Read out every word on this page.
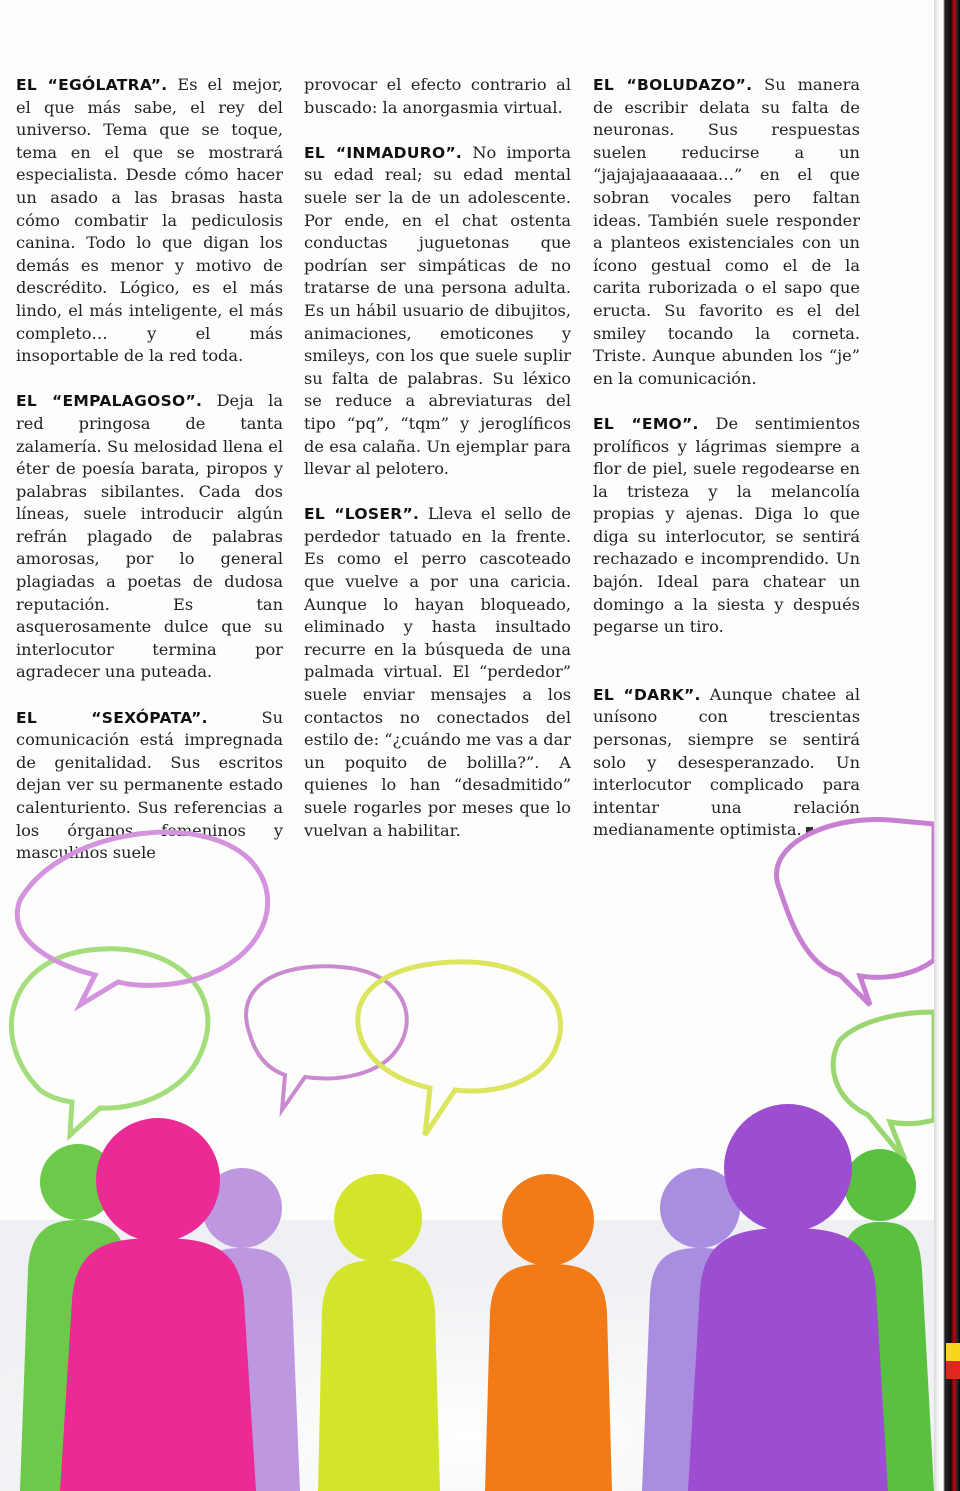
EL “EGÓLATRA”. Es el mejor, el que más sabe, el rey del universo. Tema que se toque, tema en el que se mostrará especialista. Desde cómo hacer un asado a las brasas hasta cómo combatir la pediculosis canina. Todo lo que digan los demás es menor y motivo de descrédito. Lógico, es el más lindo, el más inteligente, el más completo… y el más insoportable de la red toda.

EL “EMPALAGOSO”. Deja la red pringosa de tanta zalamería. Su melosidad llena el éter de poesía barata, piropos y palabras sibilantes. Cada dos líneas, suele introducir algún refrán plagado de palabras amorosas, por lo general plagiadas a poetas de dudosa reputación. Es tan asquerosamente dulce que su interlocutor termina por agradecer una puteada.

EL “SEXÓPATA”.	Su comunicación está impregnada de genitalidad. Sus escritos dejan ver su permanente estado calenturiento. Sus referencias a los órganos femeninos y masculinos suele

provocar el efecto contrario al buscado: la anorgasmia virtual.

EL “INMADURO”. No importa su edad real; su edad mental suele ser la de un adolescente. Por ende, en el chat ostenta conductas juguetonas que podrían ser simpáticas de no tratarse de una persona adulta. Es un hábil usuario de dibujitos, animaciones, emoticones y smileys, con los que suele suplir su falta de palabras. Su léxico se reduce a abreviaturas del tipo “pq”, “tqm” y jeroglíficos de esa calaña. Un ejemplar para llevar al pelotero.

EL “LOSER”. Lleva el sello de perdedor tatuado en la frente. Es como el perro cascoteado que vuelve a por una caricia. Aunque lo hayan bloqueado, eliminado y hasta insultado recurre en la búsqueda de una palmada virtual. El “perdedor” suele enviar mensajes a los contactos no conectados del estilo de: “¿cuándo me vas a dar un poquito de bolilla?”. A quienes lo han “desadmitido” suele rogarles por meses que lo vuelvan a habilitar.

EL “BOLUDAZO”. Su manera de escribir delata su falta de neuronas. Sus respuestas suelen reducirse a un “jajajajaaaaaaa…” en el que sobran vocales pero faltan ideas. También suele responder a planteos existenciales con un ícono gestual como el de la carita ruborizada o el sapo que eructa. Su favorito es el del smiley tocando la corneta. Triste. Aunque abunden los “je” en la comunicación.

EL “EMO”. De sentimientos prolíficos y lágrimas siempre a flor de piel, suele regodearse en la tristeza y la melancolía propias y ajenas. Diga lo que diga su interlocutor, se sentirá rechazado e incomprendido. Un bajón. Ideal para chatear un domingo a la siesta y después pegarse un tiro.

EL “DARK”. Aunque chatee al unísono con trescientas personas, siempre se sentirá solo y desesperanzado. Un interlocutor complicado para intentar una relación medianamente optimista.
